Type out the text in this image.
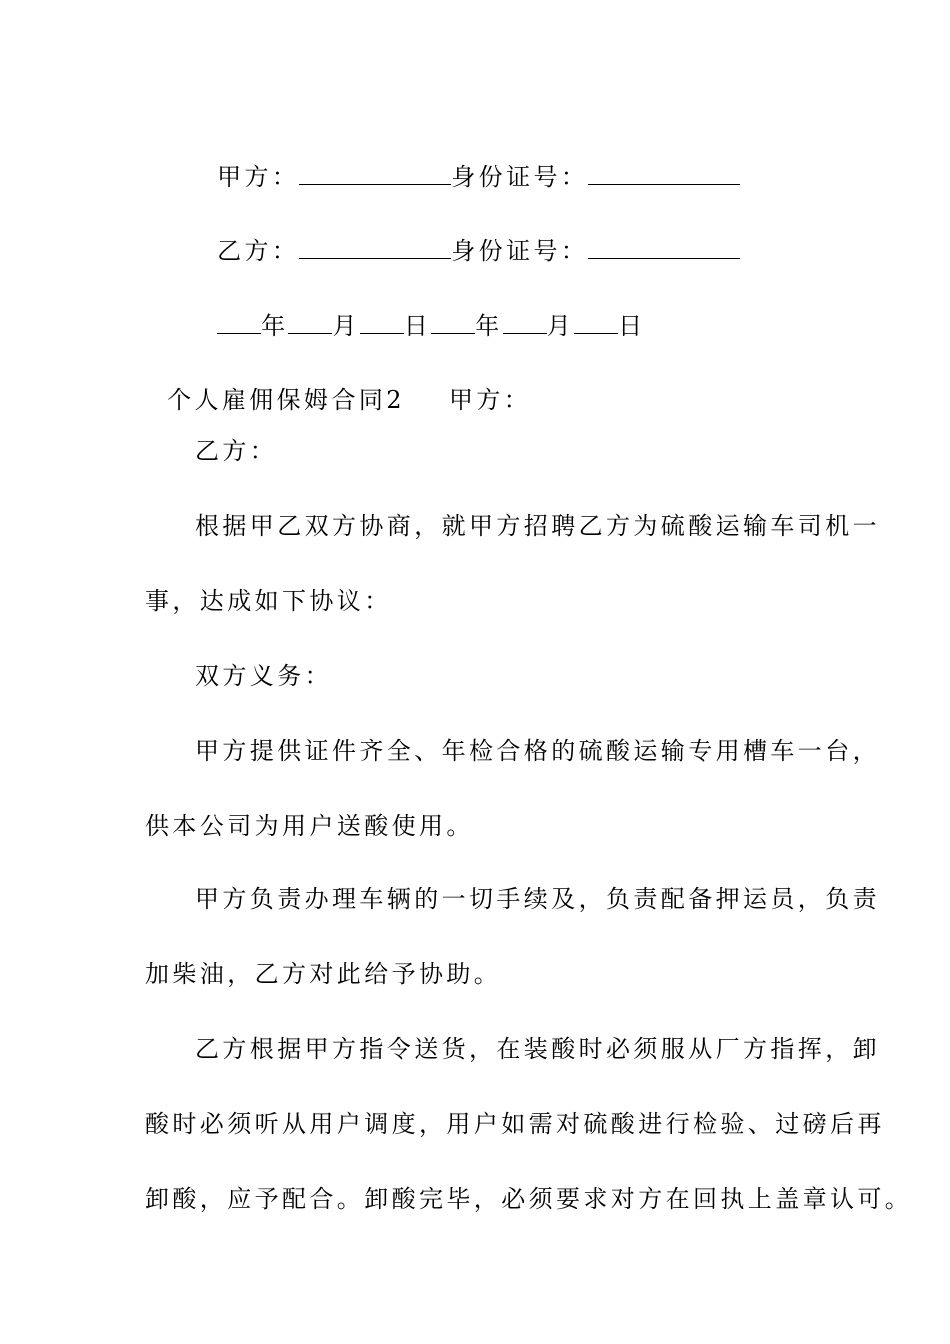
甲方：	身份证号：

乙方：	身份证号：

年 月 日 年 月 日

个人雇佣保姆合同2 甲方：

乙方：
根据甲乙双方协商，就甲方招聘乙方为硫酸运输车司机一
事，达成如下协议：
双方义务：
甲方提供证件齐全、年检合格的硫酸运输专用槽车一台，
供本公司为用户送酸使用。
甲方负责办理车辆的一切手续及，负责配备押运员，负责
加柴油，乙方对此给予协助。
乙方根据甲方指令送货，在装酸时必须服从厂方指挥，卸
酸时必须听从用户调度，用户如需对硫酸进行检验、过磅后再
卸酸，应予配合。卸酸完毕，必须要求对方在回执上盖章认可。
